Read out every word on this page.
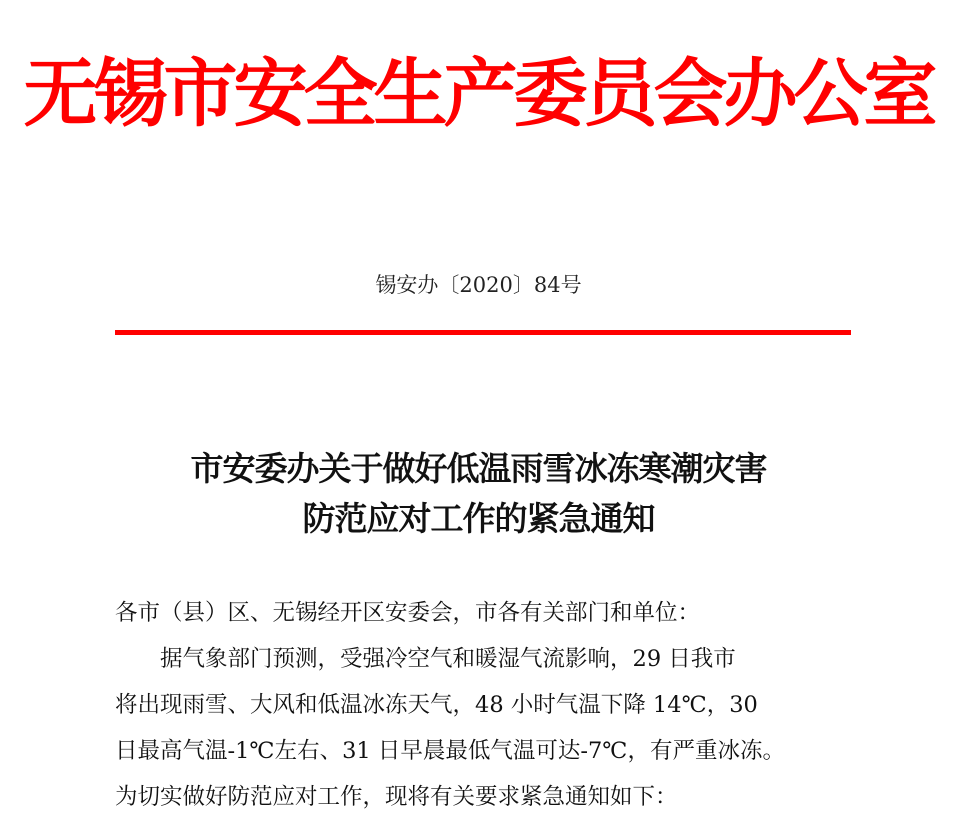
无锡市安全生产委员会办公室
锡安办〔2020〕84号
市安委办关于做好低温雨雪冰冻寒潮灾害
防范应对工作的紧急通知
各市（县）区、无锡经开区安委会，市各有关部门和单位：
据气象部门预测，受强冷空气和暖湿气流影响，29 日我市
将出现雨雪、大风和低温冰冻天气，48 小时气温下降 14℃，30
日最高气温-1℃左右、31 日早晨最低气温可达-7℃，有严重冰冻。
为切实做好防范应对工作，现将有关要求紧急通知如下：
